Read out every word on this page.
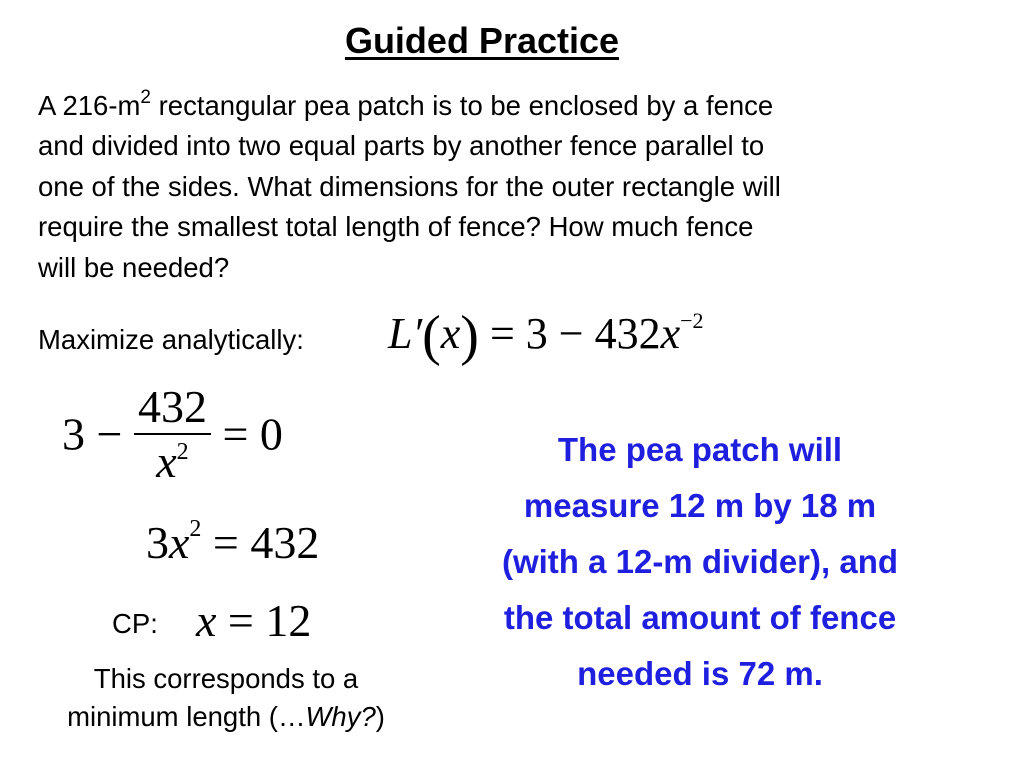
Guided Practice
A $216-m^2$ rectangular pea patch is to be enclosed by a fence
and divided into two equal parts by another fence parallel to
one of the sides. What dimensions for the outer rectangle will
require the smallest total length of fence? How much fence
will be needed?
Maximize analytically: $L'(x) = 3 - 432x^{-2}$
$3 - \frac{432}{x^2} = 0$
$3x^2 = 432$
CP: x = 12
This corresponds to a
minimum length (…Why?)
The pea patch will
measure 12 m by 18 m
(with a 12-m divider), and
the total amount of fence
needed is 72 m.
